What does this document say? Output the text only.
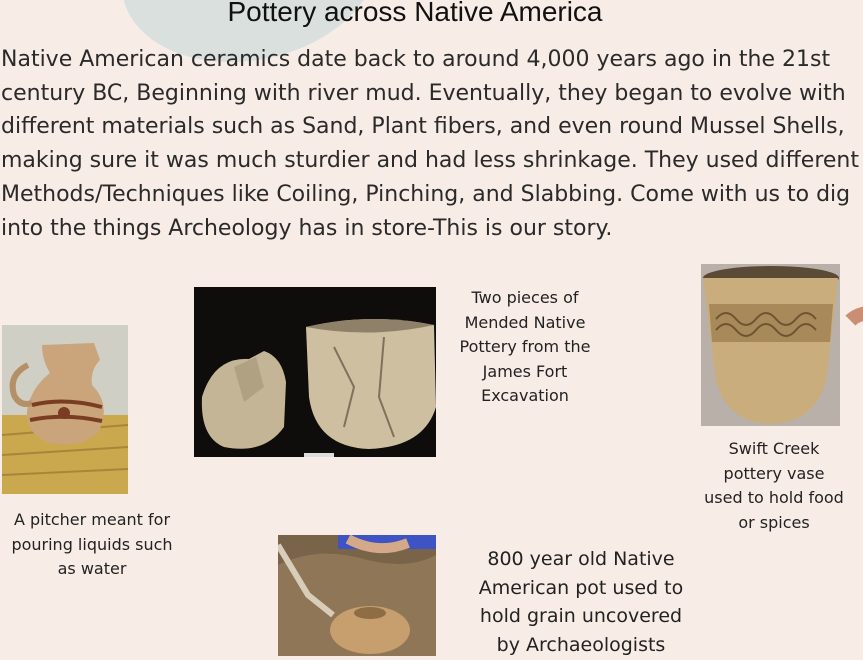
Pottery across Native America
Native American ceramics date back to around 4,000 years ago in the 21st century BC, Beginning with river mud. Eventually, they began to evolve with different materials such as Sand, Plant fibers, and even round Mussel Shells, making sure it was much sturdier and had less shrinkage. They used different Methods/Techniques like Coiling, Pinching, and Slabbing. Come with us to dig into the things Archeology has in store-This is our story.
Two pieces of Mended Native Pottery from the James Fort Excavation
Swift Creek pottery vase used to hold food or spices
A pitcher meant for pouring liquids such as water	800 year old Native American pot used to hold grain uncovered by Archaeologists
